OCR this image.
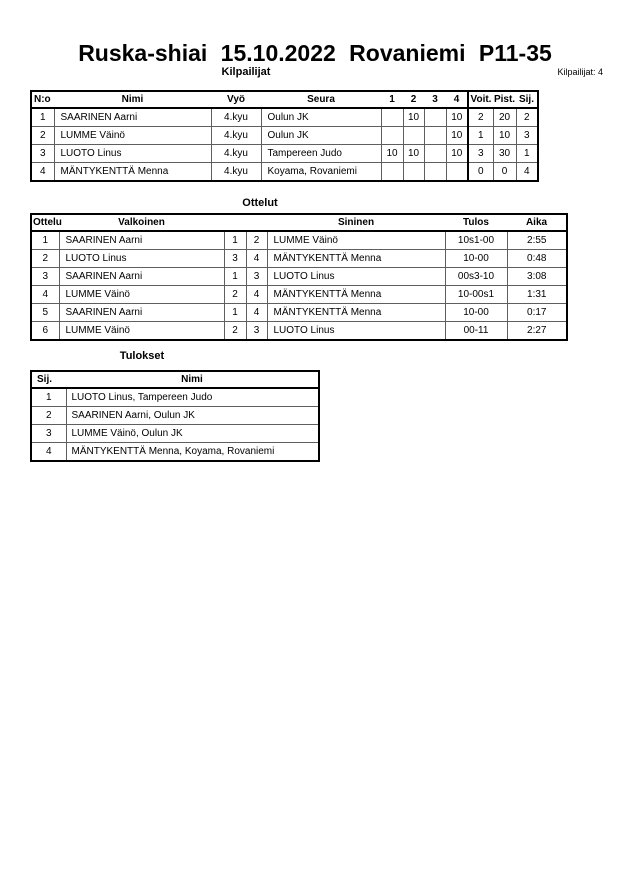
Ruska-shiai 15.10.2022 Rovaniemi P11-35
Kilpailijat	Kilpailijat: 4
N:o	Nimi	Vyö	Seura	1	2	3	4	Voit.	Pist.	Sij.
1	SAARINEN Aarni	4.kyu	Oulun JK		10		10	2	20	2
2	LUMME Väinö	4.kyu	Oulun JK				10	1	10	3
3	LUOTO Linus	4.kyu	Tampereen Judo	10	10		10	3	30	1
4	MÄNTYKENTTÄ Menna	4.kyu	Koyama, Rovaniemi					0	0	4
Ottelut
Ottelu	Valkoinen			Sininen	Tulos	Aika
1	SAARINEN Aarni	1	2	LUMME Väinö	10s1-00	2:55
2	LUOTO Linus	3	4	MÄNTYKENTTÄ Menna	10-00	0:48
3	SAARINEN Aarni	1	3	LUOTO Linus	00s3-10	3:08
4	LUMME Väinö	2	4	MÄNTYKENTTÄ Menna	10-00s1	1:31
5	SAARINEN Aarni	1	4	MÄNTYKENTTÄ Menna	10-00	0:17
6	LUMME Väinö	2	3	LUOTO Linus	00-11	2:27
Tulokset
Sij.	Nimi
1	LUOTO Linus, Tampereen Judo
2	SAARINEN Aarni, Oulun JK
3	LUMME Väinö, Oulun JK
4	MÄNTYKENTTÄ Menna, Koyama, Rovaniemi
